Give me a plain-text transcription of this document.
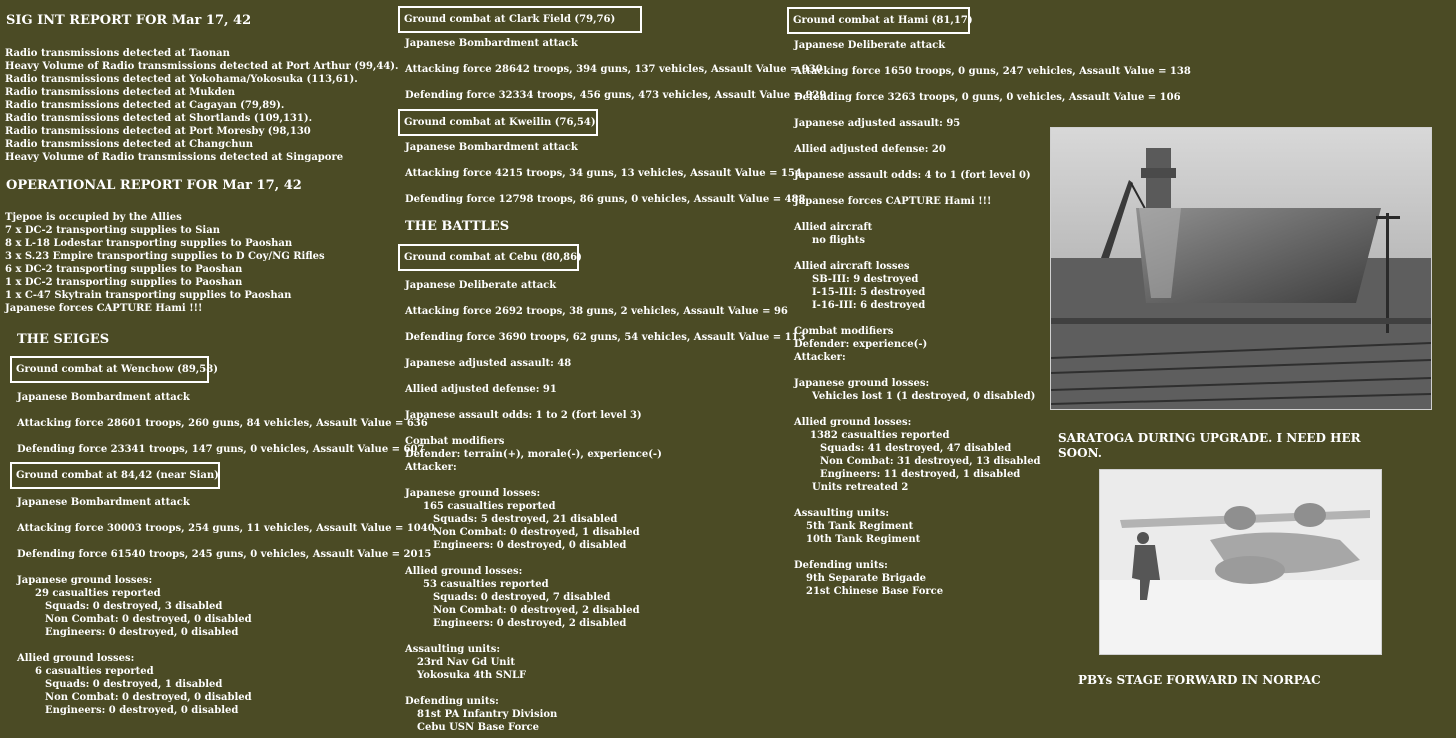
SIG INT REPORT FOR Mar 17, 42
Radio transmissions detected at Taonan
Heavy Volume of Radio transmissions detected at Port Arthur (99,44).
Radio transmissions detected at Yokohama/Yokosuka (113,61).
Radio transmissions detected at Mukden
Radio transmissions detected at Cagayan (79,89).
Radio transmissions detected at Shortlands (109,131).
Radio transmissions detected at Port Moresby (98,130
Radio transmissions detected at Changchun
Heavy Volume of Radio transmissions detected at Singapore
OPERATIONAL REPORT FOR Mar 17, 42
Tjepoe is occupied by the Allies
7 x DC-2 transporting supplies to Sian
8 x L-18 Lodestar transporting supplies to Paoshan
3 x S.23 Empire transporting supplies to D Coy/NG Rifles
6 x DC-2 transporting supplies to Paoshan
1 x DC-2 transporting supplies to Paoshan
1 x C-47 Skytrain transporting supplies to Paoshan
Japanese forces CAPTURE Hami !!!
THE SEIGES
Ground combat at Wenchow (89,58)
Japanese Bombardment attack
Attacking force 28601 troops, 260 guns, 84 vehicles, Assault Value = 636
Defending force 23341 troops, 147 guns, 0 vehicles, Assault Value = 607
Ground combat at 84,42 (near Sian)
Japanese Bombardment attack
Attacking force 30003 troops, 254 guns, 11 vehicles, Assault Value = 1040
Defending force 61540 troops, 245 guns, 0 vehicles, Assault Value = 2015
Japanese ground losses:
29 casualties reported
Squads: 0 destroyed, 3 disabled
Non Combat: 0 destroyed, 0 disabled
Engineers: 0 destroyed, 0 disabled
Allied ground losses:
6 casualties reported
Squads: 0 destroyed, 1 disabled
Non Combat: 0 destroyed, 0 disabled
Engineers: 0 destroyed, 0 disabled
Ground combat at Clark Field (79,76)
Japanese Bombardment attack
Attacking force 28642 troops, 394 guns, 137 vehicles, Assault Value = 930
Defending force 32334 troops, 456 guns, 473 vehicles, Assault Value = 929
Ground combat at Kweilin (76,54)
Japanese Bombardment attack
Attacking force 4215 troops, 34 guns, 13 vehicles, Assault Value = 154
Defending force 12798 troops, 86 guns, 0 vehicles, Assault Value = 488
THE BATTLES
Ground combat at Cebu (80,86)
Japanese Deliberate attack
Attacking force 2692 troops, 38 guns, 2 vehicles, Assault Value = 96
Defending force 3690 troops, 62 guns, 54 vehicles, Assault Value = 113
Japanese adjusted assault: 48
Allied adjusted defense: 91
Japanese assault odds: 1 to 2 (fort level 3)
Combat modifiers
Defender: terrain(+), morale(-), experience(-)
Attacker:
Japanese ground losses:
165 casualties reported
Squads: 5 destroyed, 21 disabled
Non Combat: 0 destroyed, 1 disabled
Engineers: 0 destroyed, 0 disabled
Allied ground losses:
53 casualties reported
Squads: 0 destroyed, 7 disabled
Non Combat: 0 destroyed, 2 disabled
Engineers: 0 destroyed, 2 disabled
Assaulting units:
23rd Nav Gd Unit
Yokosuka 4th SNLF
Defending units:
81st PA Infantry Division
Cebu USN Base Force
Ground combat at Hami (81,17)
Japanese Deliberate attack
Attacking force 1650 troops, 0 guns, 247 vehicles, Assault Value = 138
Defending force 3263 troops, 0 guns, 0 vehicles, Assault Value = 106
Japanese adjusted assault: 95
Allied adjusted defense: 20
Japanese assault odds: 4 to 1 (fort level 0)
Japanese forces CAPTURE Hami !!!
Allied aircraft
no flights
Allied aircraft losses
SB-III: 9 destroyed
I-15-III: 5 destroyed
I-16-III: 6 destroyed
Combat modifiers
Defender: experience(-)
Attacker:
Japanese ground losses:
Vehicles lost 1 (1 destroyed, 0 disabled)
Allied ground losses:
1382 casualties reported
Squads: 41 destroyed, 47 disabled
Non Combat: 31 destroyed, 13 disabled
Engineers: 11 destroyed, 1 disabled
Units retreated 2
Assaulting units:
5th Tank Regiment
10th Tank Regiment
Defending units:
9th Separate Brigade
21st Chinese Base Force
SARATOGA DURING UPGRADE. I NEED HER SOON.
PBYs STAGE FORWARD IN NORPAC
